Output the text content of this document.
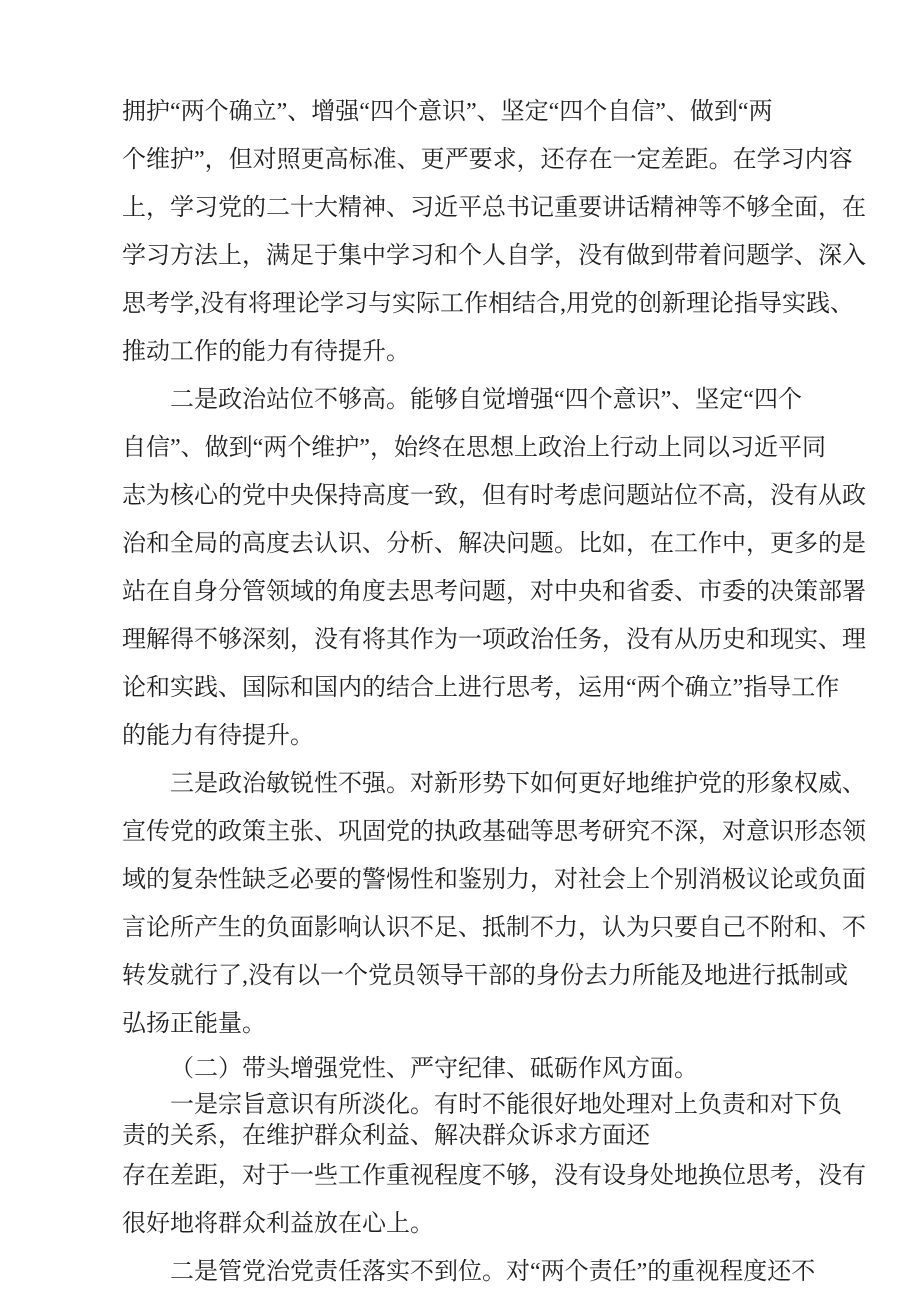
拥护“两个确立”、增强“四个意识”、坚定“四个自信”、做到“两
个维护”，但对照更高标准、更严要求，还存在一定差距。在学习内容
上，学习党的二十大精神、习近平总书记重要讲话精神等不够全面，在
学习方法上，满足于集中学习和个人自学，没有做到带着问题学、深入
思考学,没有将理论学习与实际工作相结合,用党的创新理论指导实践、
推动工作的能力有待提升。
二是政治站位不够高。能够自觉增强“四个意识”、坚定“四个
自信”、做到“两个维护”，始终在思想上政治上行动上同以习近平同
志为核心的党中央保持高度一致，但有时考虑问题站位不高，没有从政
治和全局的高度去认识、分析、解决问题。比如，在工作中，更多的是
站在自身分管领域的角度去思考问题，对中央和省委、市委的决策部署
理解得不够深刻，没有将其作为一项政治任务，没有从历史和现实、理
论和实践、国际和国内的结合上进行思考，运用“两个确立”指导工作
的能力有待提升。
三是政治敏锐性不强。对新形势下如何更好地维护党的形象权威、
宣传党的政策主张、巩固党的执政基础等思考研究不深，对意识形态领
域的复杂性缺乏必要的警惕性和鉴别力，对社会上个别消极议论或负面
言论所产生的负面影响认识不足、抵制不力，认为只要自己不附和、不
转发就行了,没有以一个党员领导干部的身份去力所能及地进行抵制或
弘扬正能量。
（二）带头增强党性、严守纪律、砥砺作风方面。
一是宗旨意识有所淡化。有时不能很好地处理对上负责和对下负
责的关系，在维护群众利益、解决群众诉求方面还
存在差距，对于一些工作重视程度不够，没有设身处地换位思考，没有
很好地将群众利益放在心上。
二是管党治党责任落实不到位。对“两个责任”的重视程度还不
